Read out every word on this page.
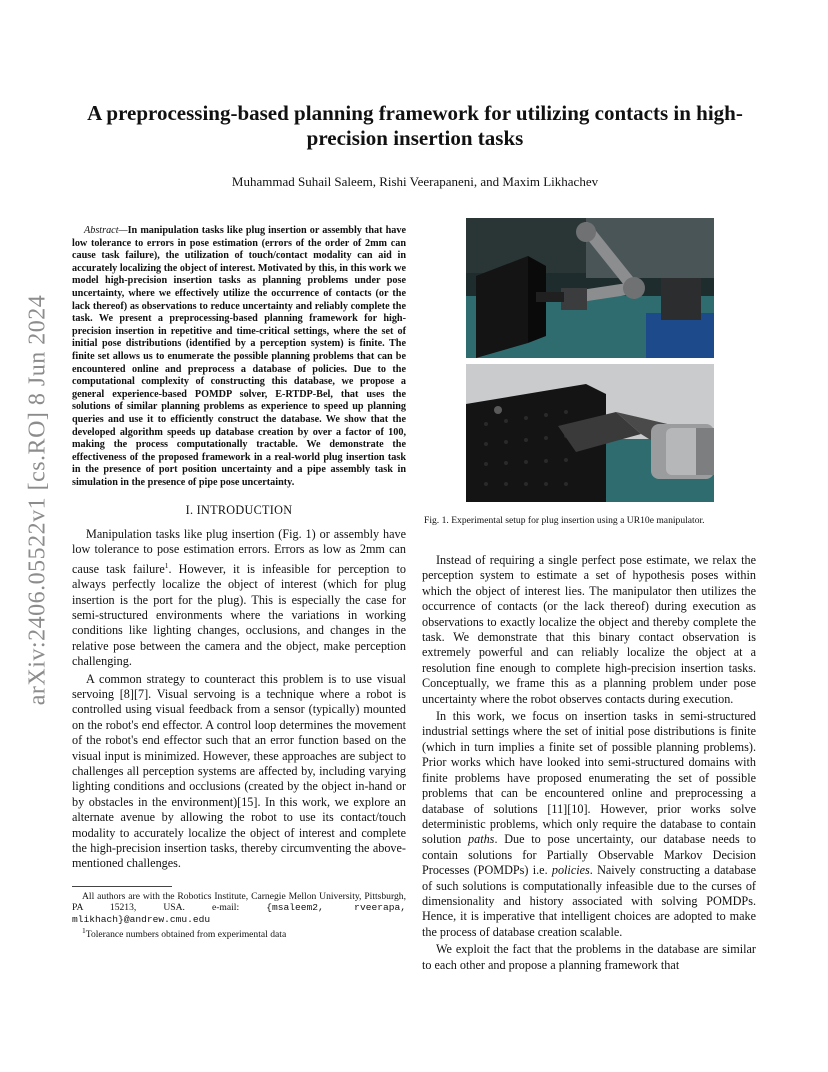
arXiv:2406.05522v1 [cs.RO] 8 Jun 2024
A preprocessing-based planning framework for utilizing contacts in high-precision insertion tasks

Muhammad Suhail Saleem, Rishi Veerapaneni, and Maxim Likhachev

Abstract—In manipulation tasks like plug insertion or assembly that have low tolerance to errors in pose estimation (errors of the order of 2mm can cause task failure), the utilization of touch/contact modality can aid in accurately localizing the object of interest. Motivated by this, in this work we model high-precision insertion tasks as planning problems under pose uncertainty, where we effectively utilize the occurrence of contacts (or the lack thereof) as observations to reduce uncertainty and reliably complete the task. We present a preprocessing-based planning framework for high-precision insertion in repetitive and time-critical settings, where the set of initial pose distributions (identified by a perception system) is finite. The finite set allows us to enumerate the possible planning problems that can be encountered online and preprocess a database of policies. Due to the computational complexity of constructing this database, we propose a general experience-based POMDP solver, E-RTDP-Bel, that uses the solutions of similar planning problems as experience to speed up planning queries and use it to efficiently construct the database. We show that the developed algorithm speeds up database creation by over a factor of 100, making the process computationally tractable. We demonstrate the effectiveness of the proposed framework in a real-world plug insertion task in the presence of port position uncertainty and a pipe assembly task in simulation in the presence of pipe pose uncertainty.

I. INTRODUCTION

Manipulation tasks like plug insertion (Fig. 1) or assembly have low tolerance to pose estimation errors. Errors as low as 2mm can cause task failure$^1$. However, it is infeasible for perception to always perfectly localize the object of interest (which for plug insertion is the port for the plug). This is especially the case for semi-structured environments where the variations in working conditions like lighting changes, occlusions, and changes in the relative pose between the camera and the object, make perception challenging.

A common strategy to counteract this problem is to use visual servoing [8][7]. Visual servoing is a technique where a robot is controlled using visual feedback from a sensor (typically) mounted on the robot's end effector. A control loop determines the movement of the robot's end effector such that an error function based on the visual input is minimized. However, these approaches are subject to challenges all perception systems are affected by, including varying lighting conditions and occlusions (created by the object in-hand or by obstacles in the environment)[15]. In this work, we explore an alternate avenue by allowing the robot to use its contact/touch modality to accurately localize the object of interest and complete the high-precision insertion tasks, thereby circumventing the above-mentioned challenges.

All authors are with the Robotics Institute, Carnegie Mellon University, Pittsburgh, PA 15213, USA. e-mail: {msaleem2, rveerapa, mlikhach}@andrew.cmu.edu

$^1$Tolerance numbers obtained from experimental data

Fig. 1. Experimental setup for plug insertion using a UR10e manipulator.

Instead of requiring a single perfect pose estimate, we relax the perception system to estimate a set of hypothesis poses within which the object of interest lies. The manipulator then utilizes the occurrence of contacts (or the lack thereof) during execution as observations to exactly localize the object and thereby complete the task. We demonstrate that this binary contact observation is extremely powerful and can reliably localize the object at a resolution fine enough to complete high-precision insertion tasks. Conceptually, we frame this as a planning problem under pose uncertainty where the robot observes contacts during execution.

In this work, we focus on insertion tasks in semi-structured industrial settings where the set of initial pose distributions is finite (which in turn implies a finite set of possible planning problems). Prior works which have looked into semi-structured domains with finite problems have proposed enumerating the set of possible problems that can be encountered online and preprocessing a database of solutions [11][10]. However, prior works solve deterministic problems, which only require the database to contain solution paths. Due to pose uncertainty, our database needs to contain solutions for Partially Observable Markov Decision Processes (POMDPs) i.e. policies. Naively constructing a database of such solutions is computationally infeasible due to the curses of dimensionality and history associated with solving POMDPs. Hence, it is imperative that intelligent choices are adopted to make the process of database creation scalable.

We exploit the fact that the problems in the database are similar to each other and propose a planning framework that
